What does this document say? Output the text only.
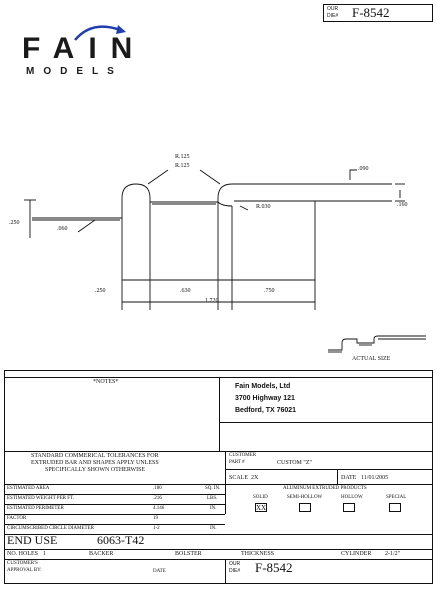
OUR
DIE# F-8542
FAIN
MODELS
R.125
R.125
R.030
.090
.160
.250
.060
.250	.630	.750
1.720
ACTUAL SIZE
*NOTES*
Fain Models, Ltd
3700 Highway 121
Bedford, TX 76021
STANDARD COMMERICAL TOLERANCES FOR
EXTRUDED BAR AND SHAPES APPLY UNLESS
SPECIFICALLY SHOWN OTHERWISE
CUSTOMER
PART #	CUSTOM "Z"
SCALE 2X	DATE 11/01/2005
ESTIMATED AREA	.180	SQ. IN.
ESTIMATED WEIGHT PER FT.	.216	LBS.
ESTIMATED PERIMETER	4.146	IN.
FACTOR	19
CIRCUMSCRIBED CIRCLE DIAMETER	1-2	IN.
ALUMINUM EXTRUDED PRODUCTS
SOLID	SEMI-HOLLOW	HOLLOW	SPECIAL
XX
END USE	6063-T42
NO. HOLES 1	BACKER	BOLSTER	THICKNESS	CYLINDER 2-1/2"
CUSTOMER'S
APPROVAL BY:	DATE
OUR
DIE# F-8542
